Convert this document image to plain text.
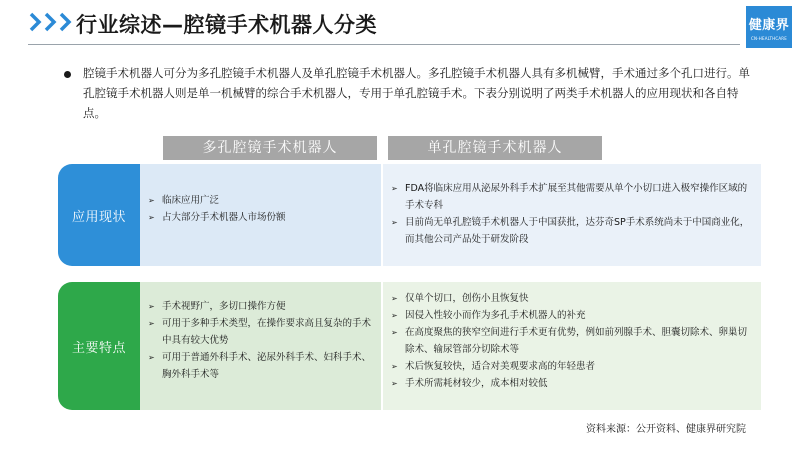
行业综述—腔镜手术机器人分类	健康界
CN-HEALTHCARE
腔镜手术机器人可分为多孔腔镜手术机器人及单孔腔镜手术机器人。多孔腔镜手术机器人具有多机械臂，手术通过多个孔口进行。单孔腔镜手术机器人则是单一机械臂的综合手术机器人，专用于单孔腔镜手术。下表分别说明了两类手术机器人的应用现状和各自特点。
多孔腔镜手术机器人	单孔腔镜手术机器人
应用现状
➢ 临床应用广泛
➢ 占大部分手术机器人市场份额
➢ FDA将临床应用从泌尿外科手术扩展至其他需要从单个小切口进入极窄操作区域的手术专科
➢ 目前尚无单孔腔镜手术机器人于中国获批，达芬奇SP手术系统尚未于中国商业化，而其他公司产品处于研发阶段
主要特点
➢ 手术视野广，多切口操作方便
➢ 可用于多种手术类型，在操作要求高且复杂的手术中具有较大优势
➢ 可用于普通外科手术、泌尿外科手术、妇科手术、胸外科手术等
➢ 仅单个切口，创伤小且恢复快
➢ 因侵入性较小而作为多孔手术机器人的补充
➢ 在高度聚焦的狭窄空间进行手术更有优势，例如前列腺手术、胆囊切除术、卵巢切除术、输尿管部分切除术等
➢ 术后恢复较快，适合对美观要求高的年轻患者
➢ 手术所需耗材较少，成本相对较低
资料来源：公开资料、健康界研究院
